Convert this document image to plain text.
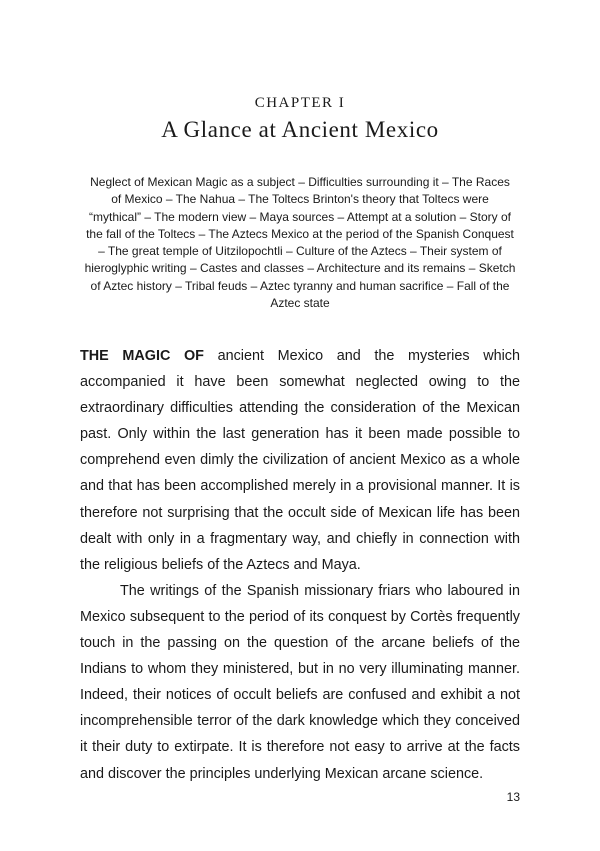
CHAPTER I
A Glance at Ancient Mexico
Neglect of Mexican Magic as a subject – Difficulties surrounding it – The Races of Mexico – The Nahua – The Toltecs Brinton's theory that Toltecs were “mythical” – The modern view – Maya sources – Attempt at a solution – Story of the fall of the Toltecs – The Aztecs Mexico at the period of the Spanish Conquest – The great temple of Uitzilopochtli – Culture of the Aztecs – Their system of hieroglyphic writing – Castes and classes – Architecture and its remains – Sketch of Aztec history – Tribal feuds – Aztec tyranny and human sacrifice – Fall of the Aztec state

THE MAGIC OF ancient Mexico and the mysteries which accompanied it have been somewhat neglected owing to the extraordinary difficulties attending the consideration of the Mexican past. Only within the last generation has it been made possible to comprehend even dimly the civilization of ancient Mexico as a whole and that has been accomplished merely in a provisional manner. It is therefore not surprising that the occult side of Mexican life has been dealt with only in a fragmentary way, and chiefly in connection with the religious beliefs of the Aztecs and Maya.

The writings of the Spanish missionary friars who laboured in Mexico subsequent to the period of its conquest by Cortès frequently touch in the passing on the question of the arcane beliefs of the Indians to whom they ministered, but in no very illuminating manner. Indeed, their notices of occult beliefs are confused and exhibit a not incomprehensible terror of the dark knowledge which they conceived it their duty to extirpate. It is therefore not easy to arrive at the facts and discover the principles underlying Mexican arcane science.

13
